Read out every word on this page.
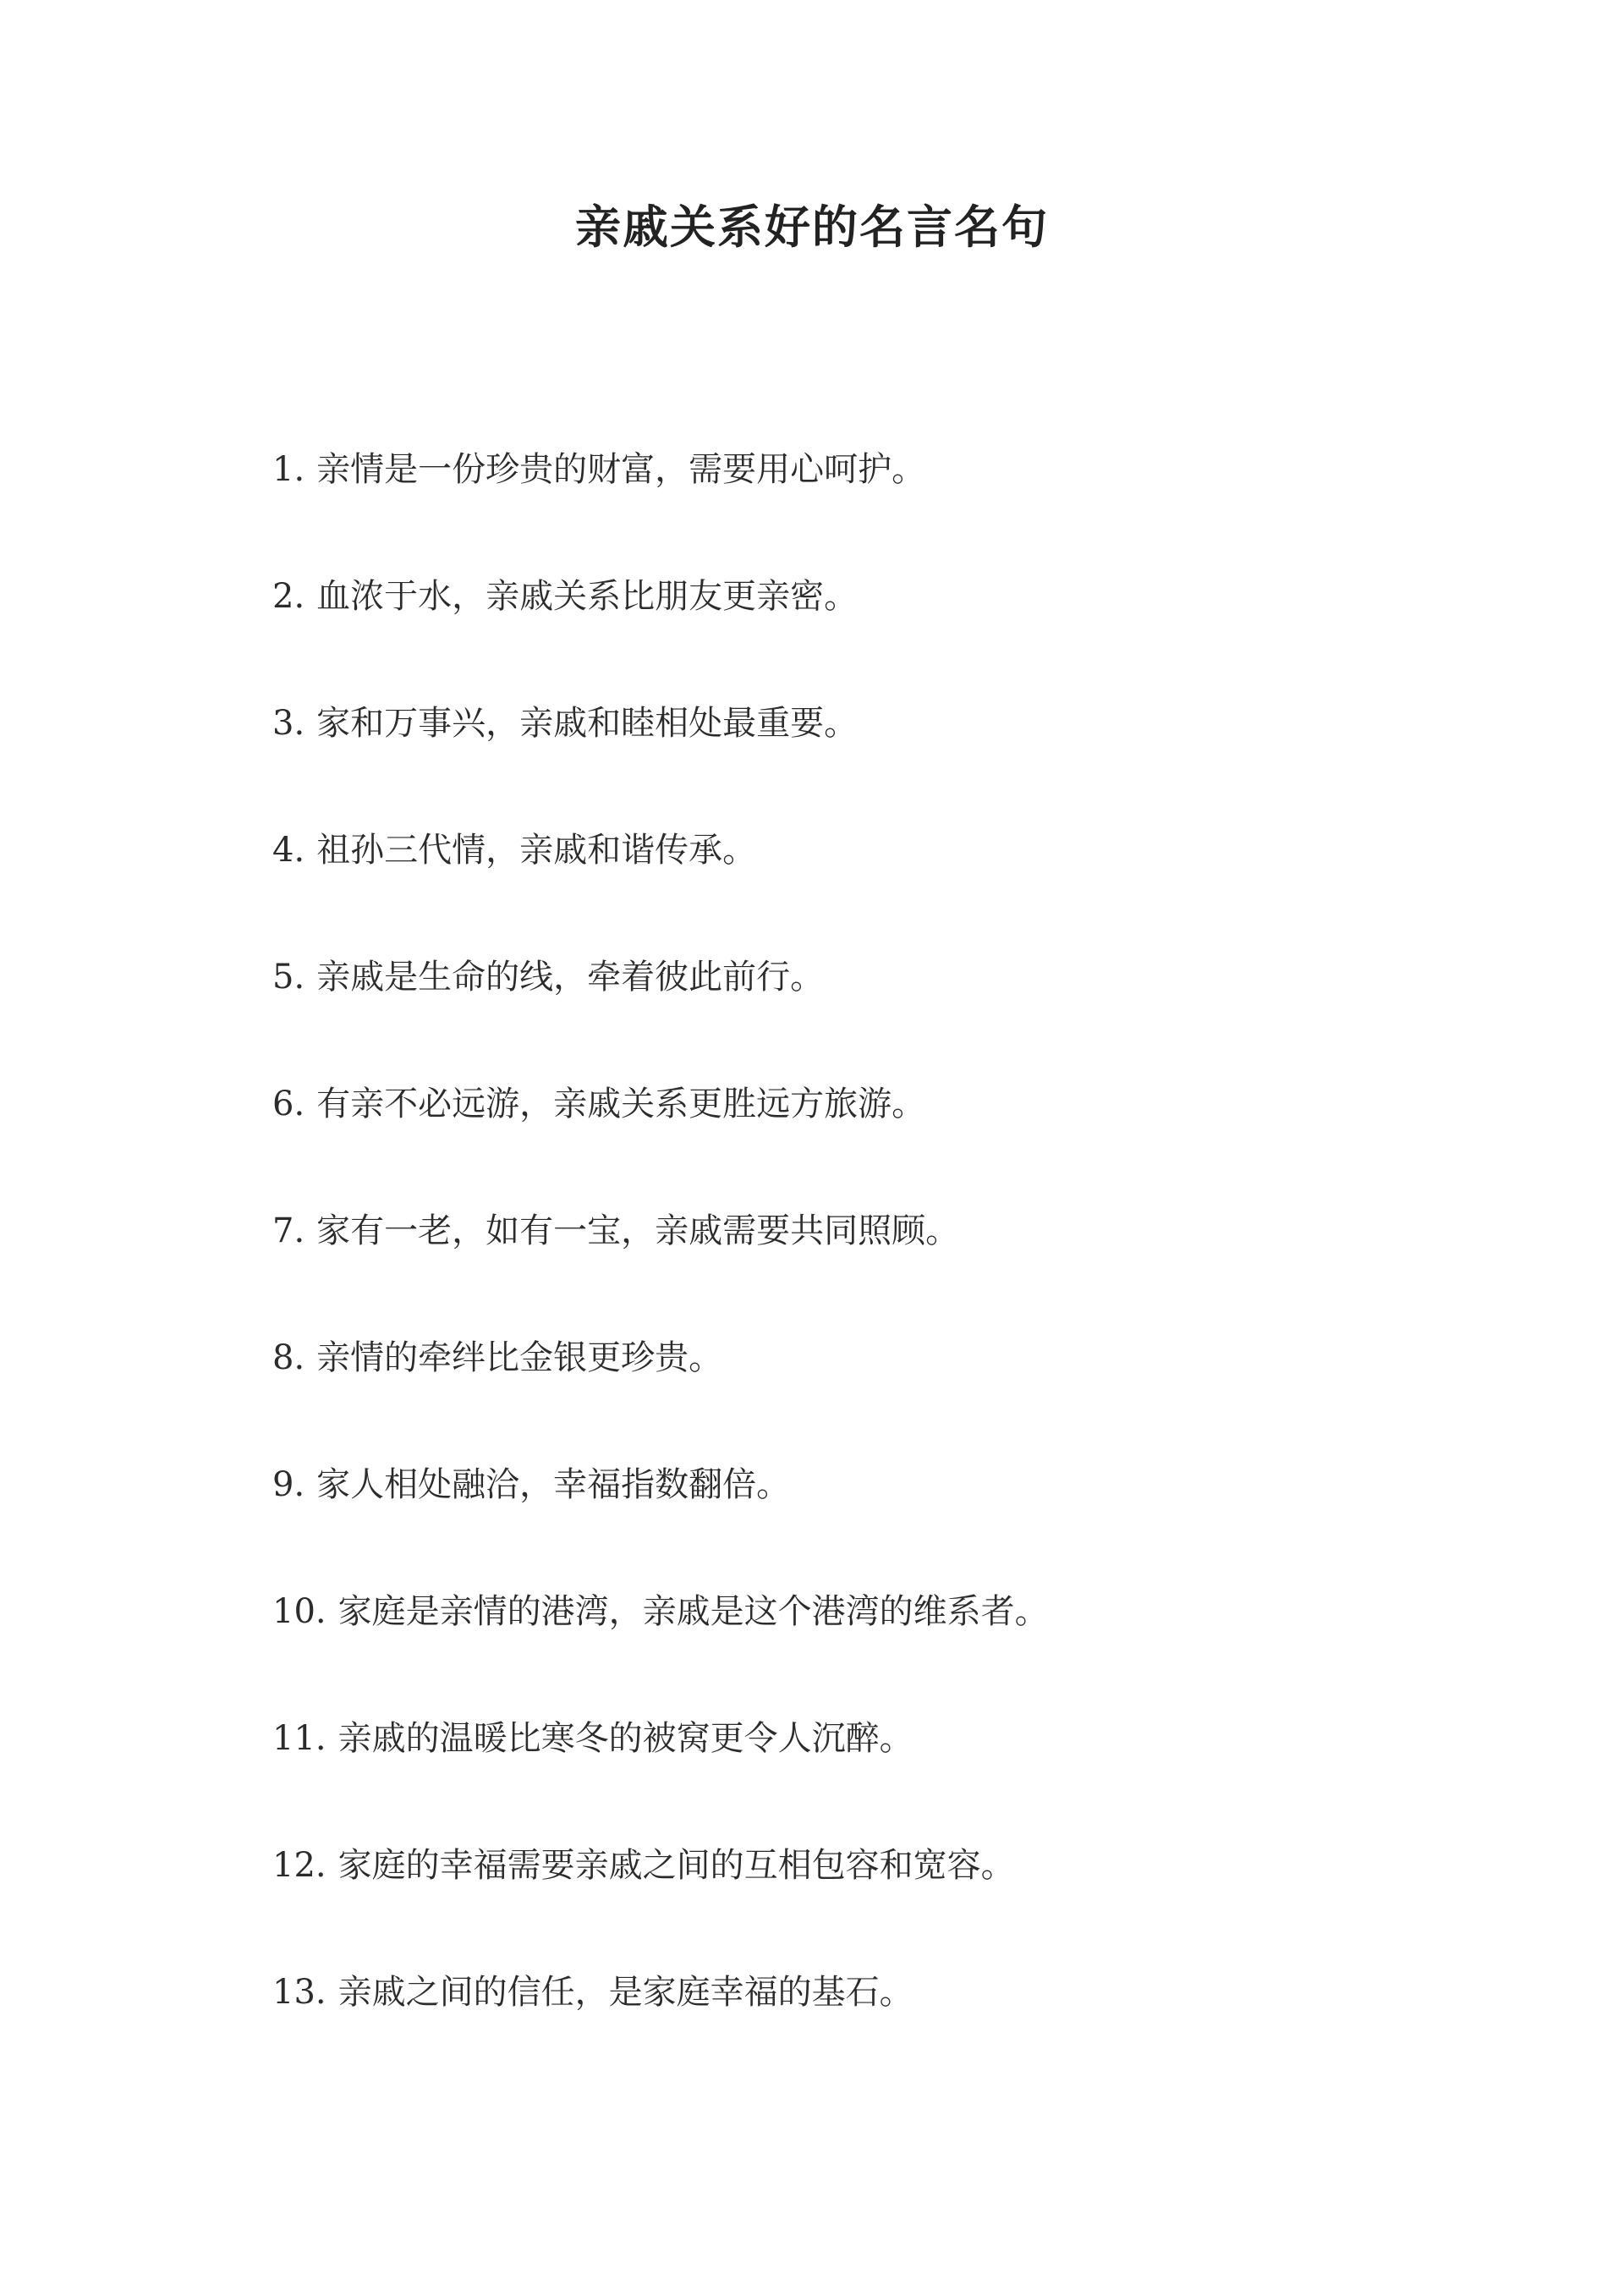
亲戚关系好的名言名句
1. 亲情是一份珍贵的财富，需要用心呵护。
2. 血浓于水，亲戚关系比朋友更亲密。
3. 家和万事兴，亲戚和睦相处最重要。
4. 祖孙三代情，亲戚和谐传承。
5. 亲戚是生命的线，牵着彼此前行。
6. 有亲不必远游，亲戚关系更胜远方旅游。
7. 家有一老，如有一宝，亲戚需要共同照顾。
8. 亲情的牵绊比金银更珍贵。
9. 家人相处融洽，幸福指数翻倍。
10. 家庭是亲情的港湾，亲戚是这个港湾的维系者。
11. 亲戚的温暖比寒冬的被窝更令人沉醉。
12. 家庭的幸福需要亲戚之间的互相包容和宽容。
13. 亲戚之间的信任，是家庭幸福的基石。
